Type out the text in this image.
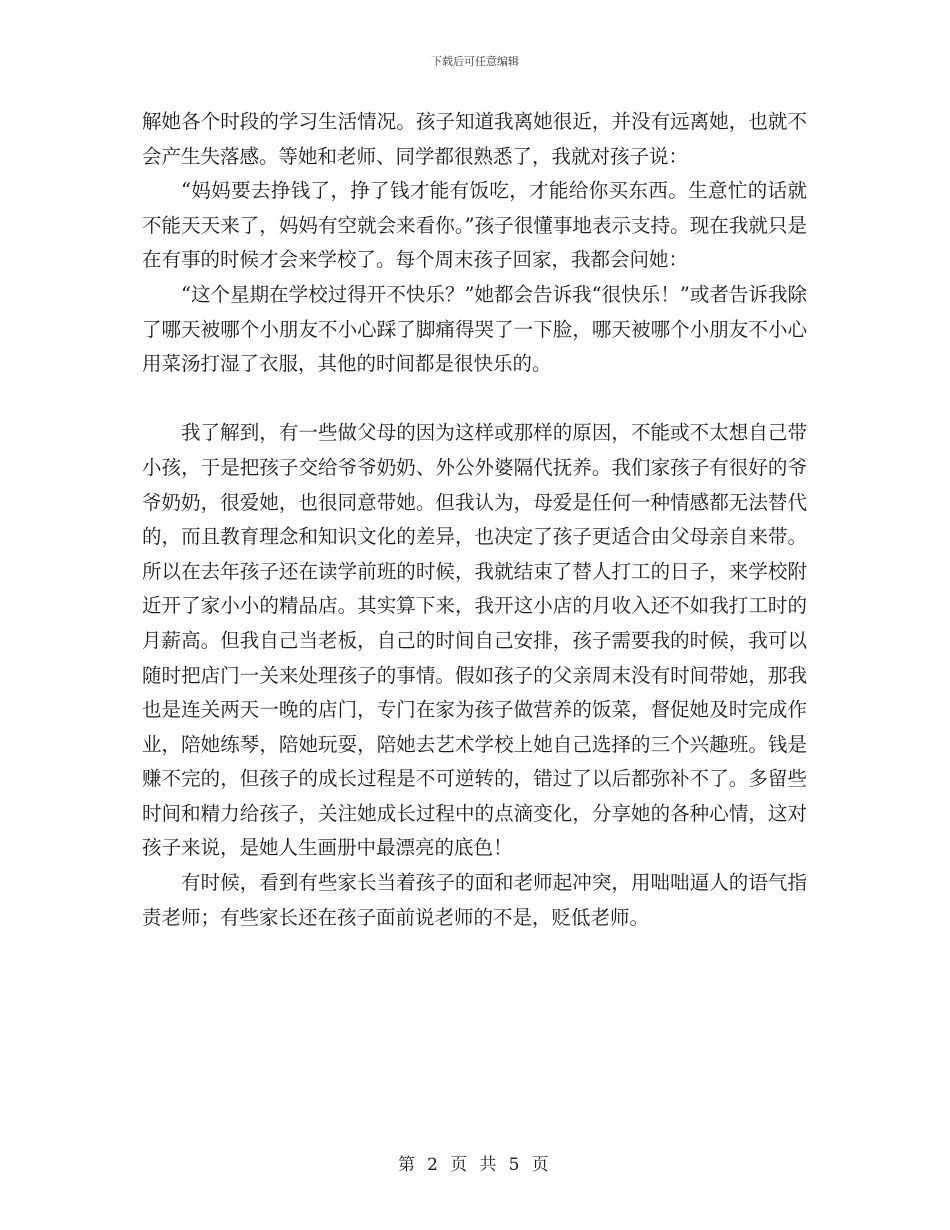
下载后可任意编辑

解她各个时段的学习生活情况。孩子知道我离她很近，并没有远离她，也就不会产生失落感。等她和老师、同学都很熟悉了，我就对孩子说：

“妈妈要去挣钱了，挣了钱才能有饭吃，才能给你买东西。生意忙的话就不能天天来了，妈妈有空就会来看你。”孩子很懂事地表示支持。现在我就只是在有事的时候才会来学校了。每个周末孩子回家，我都会问她：

“这个星期在学校过得开不快乐？”她都会告诉我“很快乐！”或者告诉我除了哪天被哪个小朋友不小心踩了脚痛得哭了一下脸，哪天被哪个小朋友不小心用菜汤打湿了衣服，其他的时间都是很快乐的。

我了解到，有一些做父母的因为这样或那样的原因，不能或不太想自己带小孩，于是把孩子交给爷爷奶奶、外公外婆隔代抚养。我们家孩子有很好的爷爷奶奶，很爱她，也很同意带她。但我认为，母爱是任何一种情感都无法替代的，而且教育理念和知识文化的差异，也决定了孩子更适合由父母亲自来带。所以在去年孩子还在读学前班的时候，我就结束了替人打工的日子，来学校附近开了家小小的精品店。其实算下来，我开这小店的月收入还不如我打工时的月薪高。但我自己当老板，自己的时间自己安排，孩子需要我的时候，我可以随时把店门一关来处理孩子的事情。假如孩子的父亲周末没有时间带她，那我也是连关两天一晚的店门，专门在家为孩子做营养的饭菜，督促她及时完成作业，陪她练琴，陪她玩耍，陪她去艺术学校上她自己选择的三个兴趣班。钱是赚不完的，但孩子的成长过程是不可逆转的，错过了以后都弥补不了。多留些时间和精力给孩子，关注她成长过程中的点滴变化，分享她的各种心情，这对孩子来说，是她人生画册中最漂亮的底色！

有时候，看到有些家长当着孩子的面和老师起冲突，用咄咄逼人的语气指责老师；有些家长还在孩子面前说老师的不是，贬低老师。

第 2 页 共 5 页
